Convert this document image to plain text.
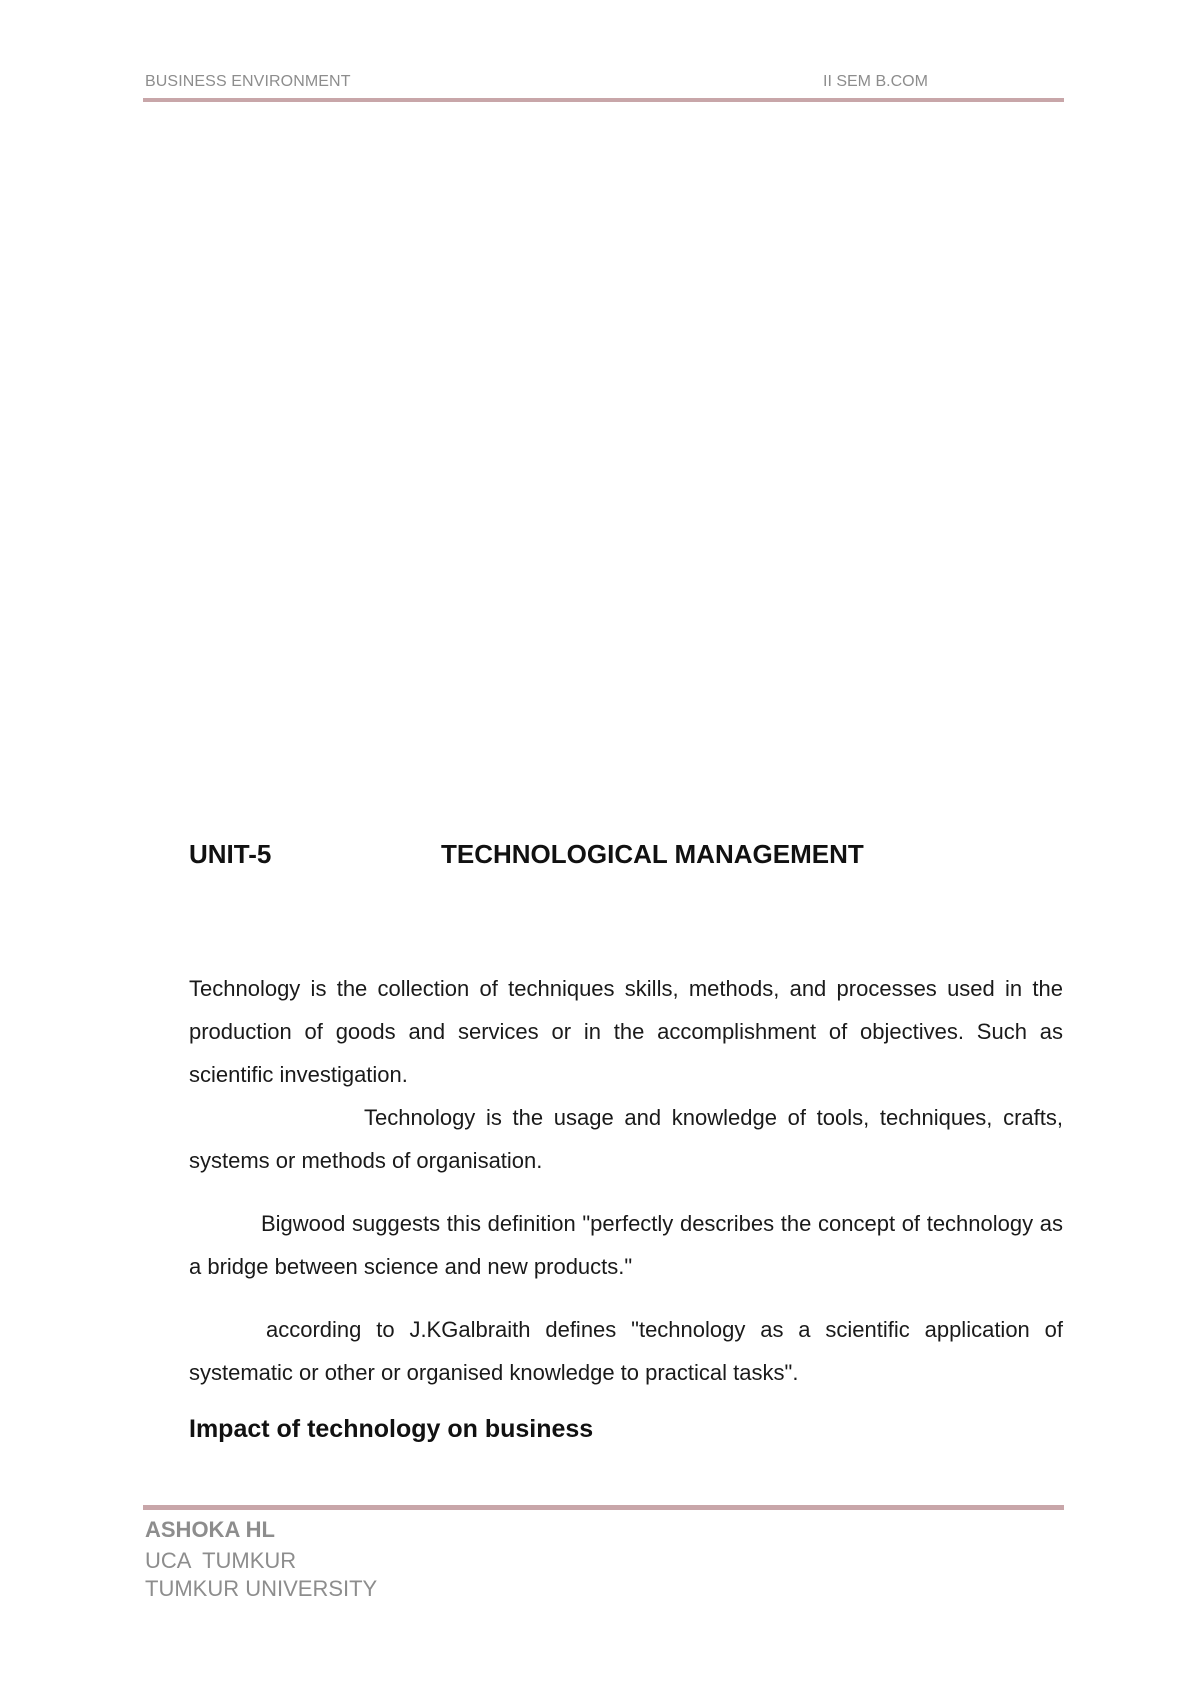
BUSINESS ENVIRONMENT	II SEM B.COM
UNIT-5	TECHNOLOGICAL MANAGEMENT

Technology is the collection of techniques skills, methods, and processes used in the production of goods and services or in the accomplishment of objectives. Such as scientific investigation.

Technology is the usage and knowledge of tools, techniques, crafts, systems or methods of organisation.

Bigwood suggests this definition "perfectly describes the concept of technology as a bridge between science and new products."

according to J.KGalbraith defines "technology as a scientific application of systematic or other or organised knowledge to practical tasks".

Impact of technology on business
ASHOKA HL
UCA  TUMKUR
TUMKUR UNIVERSITY
